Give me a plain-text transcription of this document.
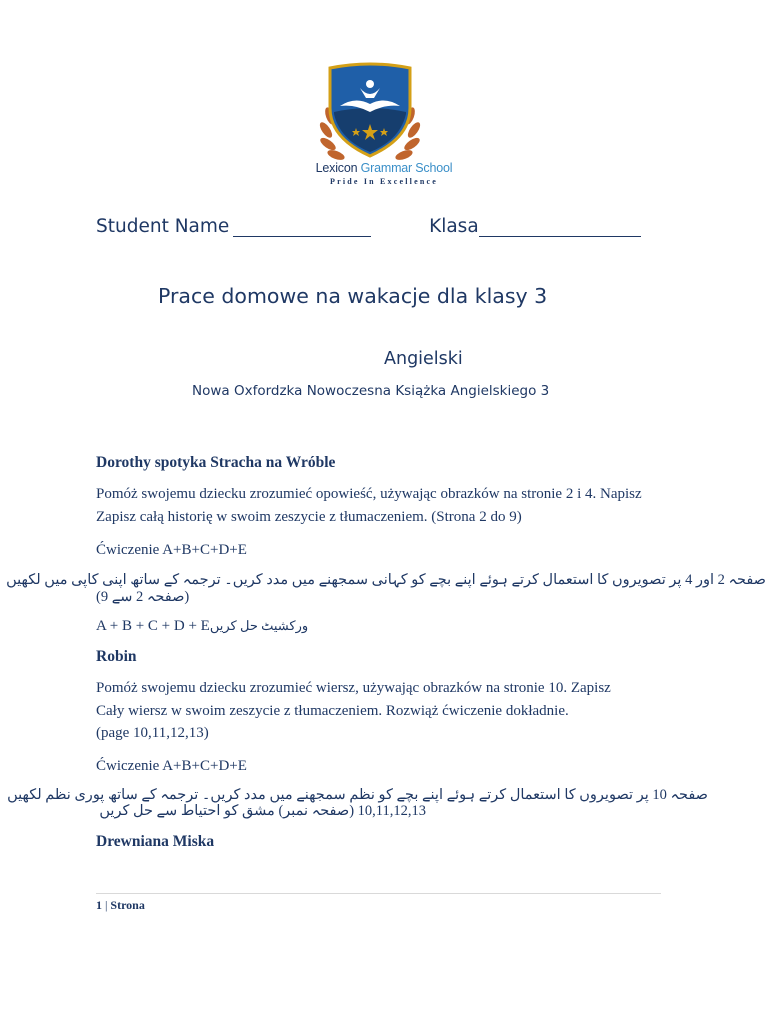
Lexicon Grammar School
Pride In Excellence
Student Name	Klasa
Prace domowe na wakacje dla klasy 3
Angielski
Nowa Oxfordzka Nowoczesna Książka Angielskiego 3
Dorothy spotyka Stracha na Wróble
Pomóż swojemu dziecku zrozumieć opowieść, używając obrazków na stronie 2 i 4. Napisz
Zapisz całą historię w swoim zeszycie z tłumaczeniem. (Strona 2 do 9)
Ćwiczenie A+B+C+D+E
صفحہ 2 اور 4 پر تصویروں کا استعمال کرتے ہوئے اپنے بچے کو کہانی سمجھنے میں مدد کریں۔ ترجمہ کے ساتھ اپنی کاپی میں لکھیں
(صفحہ 2 سے 9)
A + B + C + D + Eورکشیٹ حل کریں
Robin
Pomóż swojemu dziecku zrozumieć wiersz, używając obrazków na stronie 10. Zapisz
Cały wiersz w swoim zeszycie z tłumaczeniem. Rozwiąż ćwiczenie dokładnie.
(page 10,11,12,13)
Ćwiczenie A+B+C+D+E
صفحہ 10 پر تصویروں کا استعمال کرتے ہوئے اپنے بچے کو نظم سمجھنے میں مدد کریں۔ ترجمہ کے ساتھ پوری نظم لکھیں
10,11,12,13 (صفحہ نمبر) مشق کو احتیاط سے حل کریں
Drewniana Miska
1 | Strona
